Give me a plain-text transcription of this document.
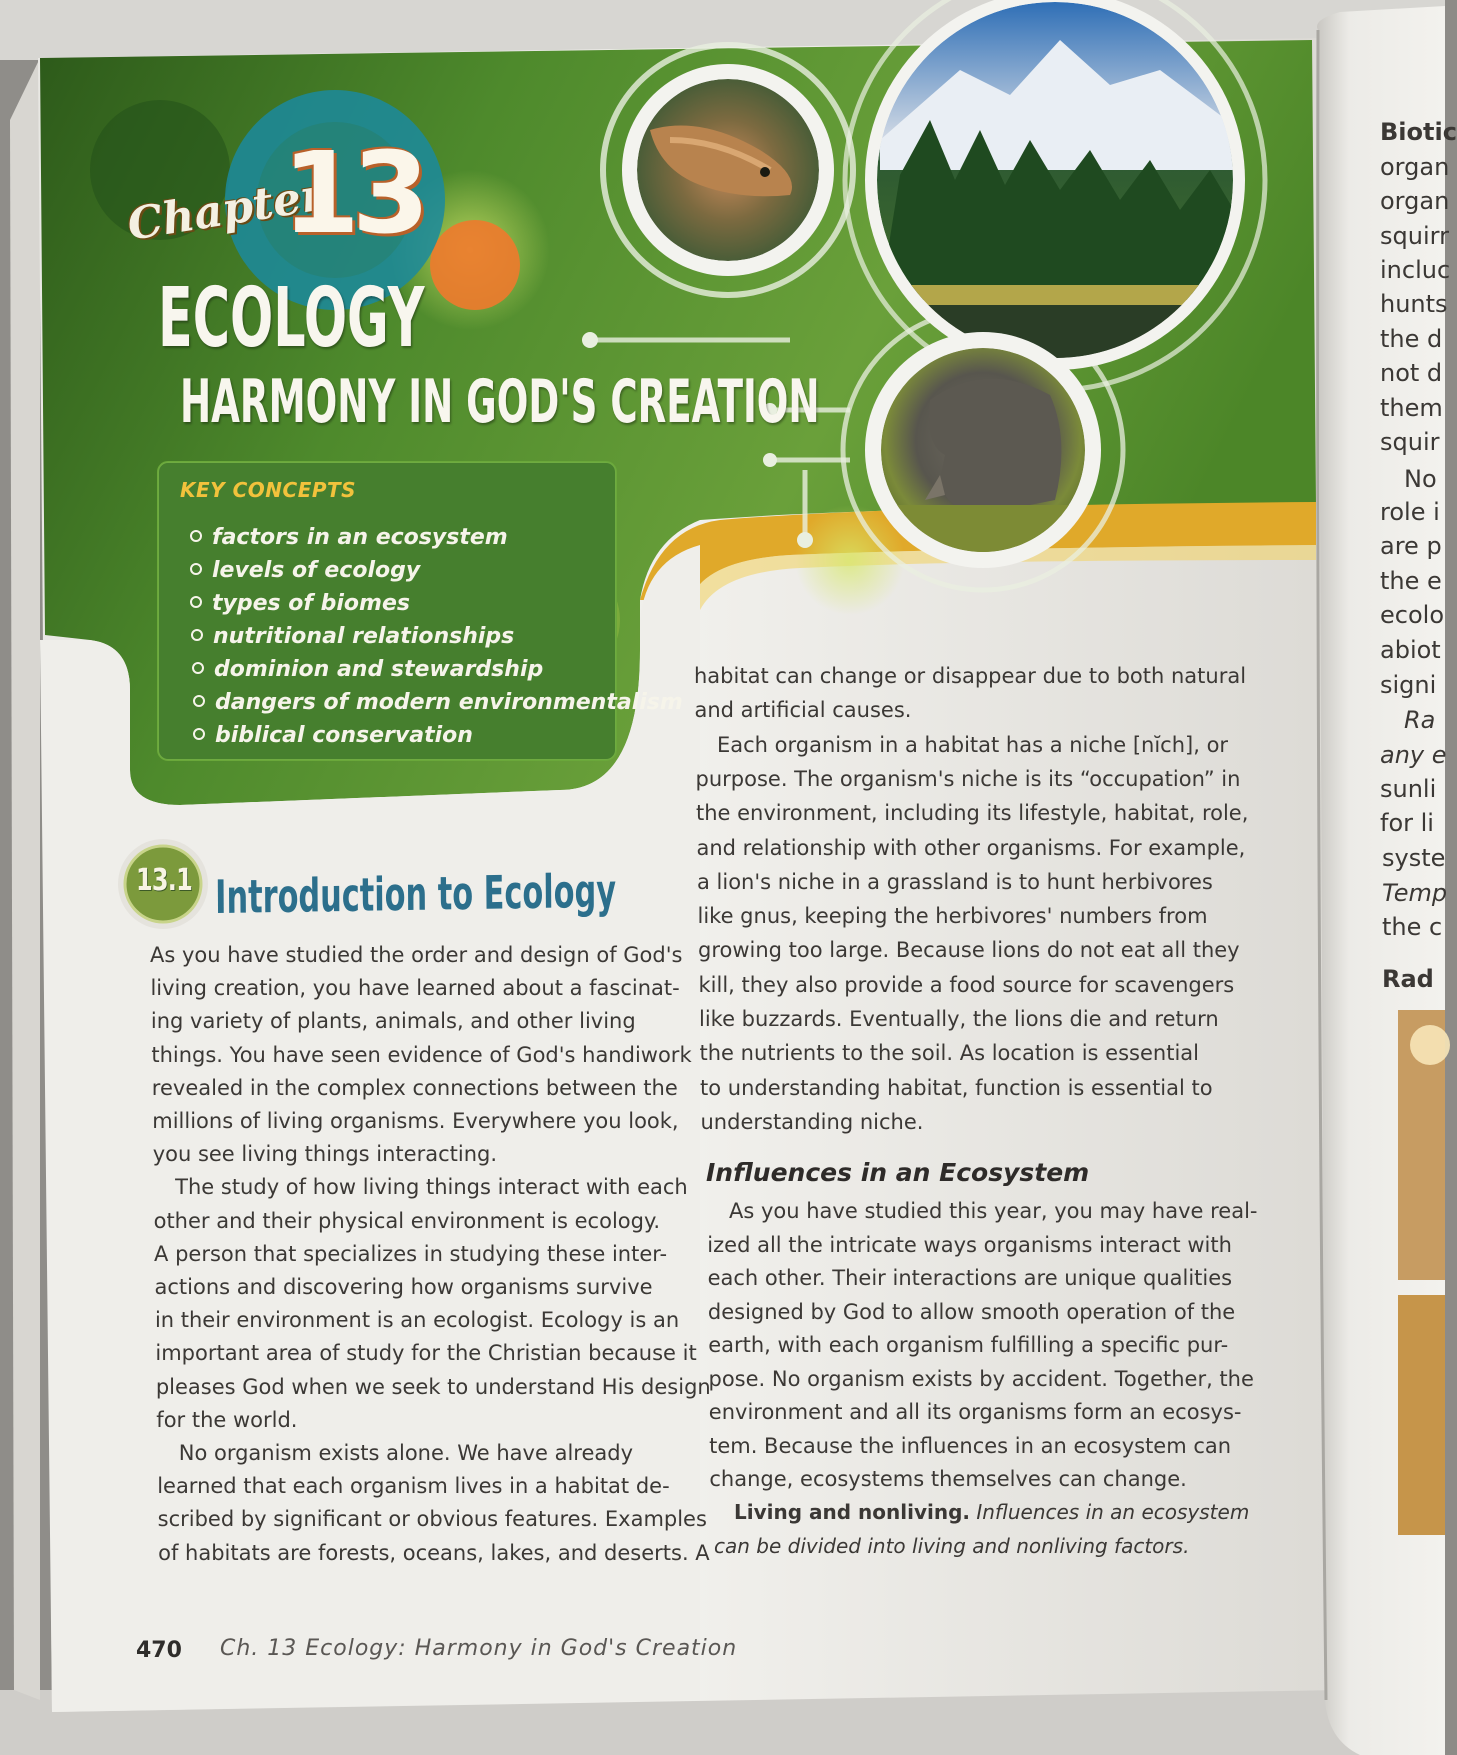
Chapter
13
ECOLOGY
HARMONY IN GOD'S CREATION
KEY CONCEPTS
factors in an ecosystem
levels of ecology
types of biomes
nutritional relationships
dominion and stewardship
dangers of modern environmentalism
biblical conservation
13.1 Introduction to Ecology
As you have studied the order and design of God's
living creation, you have learned about a fascinat-
ing variety of plants, animals, and other living
things. You have seen evidence of God's handiwork
revealed in the complex connections between the
millions of living organisms. Everywhere you look,
you see living things interacting.
The study of how living things interact with each
other and their physical environment is ecology.
A person that specializes in studying these inter-
actions and discovering how organisms survive
in their environment is an ecologist. Ecology is an
important area of study for the Christian because it
pleases God when we seek to understand His design
for the world.
No organism exists alone. We have already
learned that each organism lives in a habitat de-
scribed by significant or obvious features. Examples
of habitats are forests, oceans, lakes, and deserts. A
habitat can change or disappear due to both natural
and artificial causes.
Each organism in a habitat has a niche [nĭch], or
purpose. The organism's niche is its “occupation” in
the environment, including its lifestyle, habitat, role,
and relationship with other organisms. For example,
a lion's niche in a grassland is to hunt herbivores
like gnus, keeping the herbivores' numbers from
growing too large. Because lions do not eat all they
kill, they also provide a food source for scavengers
like buzzards. Eventually, the lions die and return
the nutrients to the soil. As location is essential
to understanding habitat, function is essential to
understanding niche.
Influences in an Ecosystem
As you have studied this year, you may have real-
ized all the intricate ways organisms interact with
each other. Their interactions are unique qualities
designed by God to allow smooth operation of the
earth, with each organism fulfilling a specific pur-
pose. No organism exists by accident. Together, the
environment and all its organisms form an ecosys-
tem. Because the influences in an ecosystem can
change, ecosystems themselves can change.
Living and nonliving. Influences in an ecosystem
can be divided into living and nonliving factors.
470 Ch. 13 Ecology: Harmony in God's Creation
Biotic
organ
organ
squirr
incluc
hunts
the d
not d
them
squir
No
role i
are p
the e
ecolo
abiot
signi
Ra
any e
sunli
for li
syste
Temp
the c
Rad
